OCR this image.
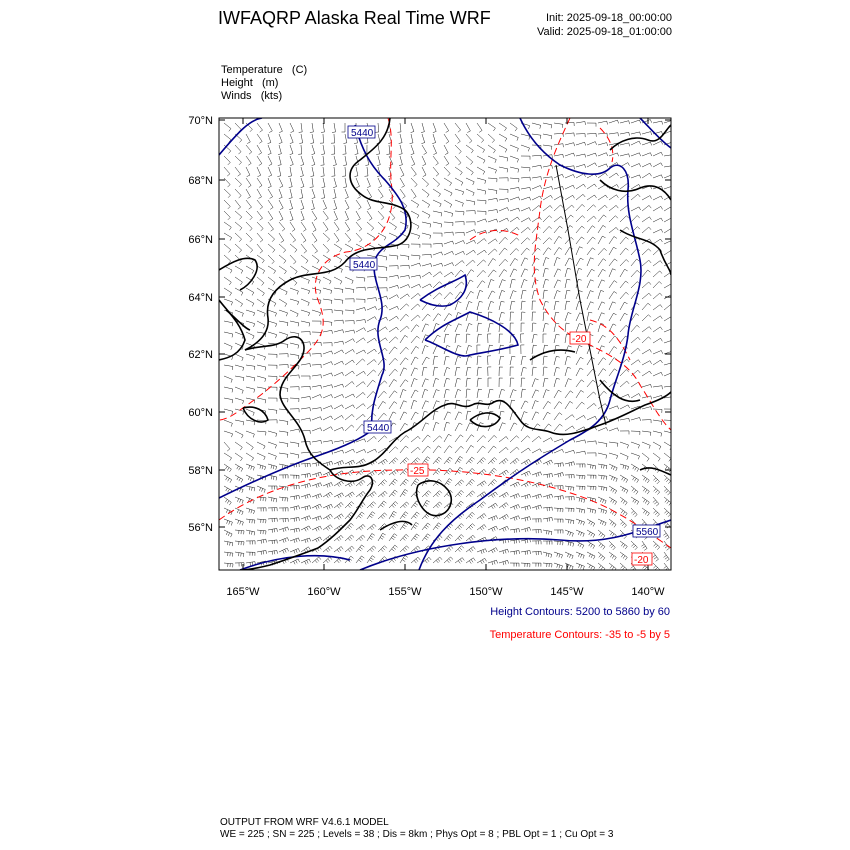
IWFAQRP Alaska Real Time WRF	Init: 2025-09-18_00:00:00
Valid: 2025-09-18_01:00:00
Temperature   (C)
Height   (m)
Winds   (kts)
56°N
58°N
60°N
62°N
64°N
66°N
68°N
70°N
165°W	160°W	155°W	150°W	145°W	140°W
5440
5440
5440
5560
-20
-25
-20
Height Contours: 5200 to 5860 by 60
Temperature Contours: -35 to -5 by 5
OUTPUT FROM WRF V4.6.1 MODEL
WE = 225 ; SN = 225 ; Levels = 38 ; Dis = 8km ; Phys Opt = 8 ; PBL Opt = 1 ; Cu Opt = 3
